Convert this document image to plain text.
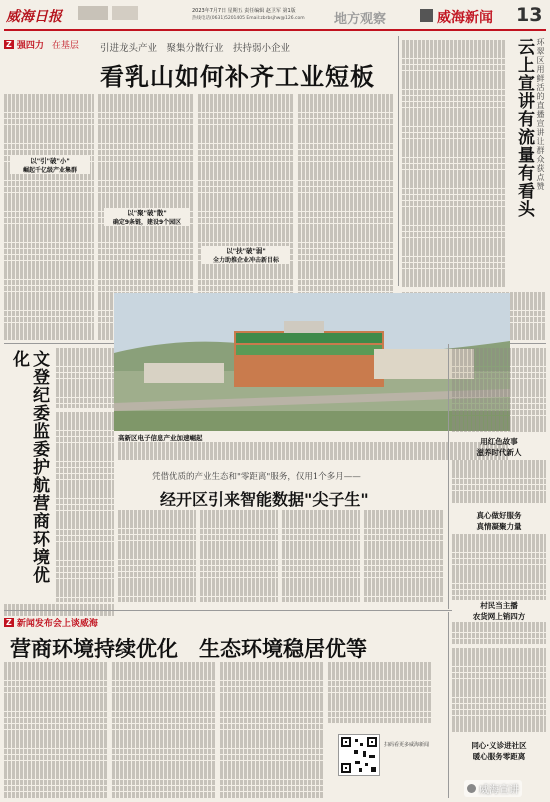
威海日报	2023年7月7日 星期五 责任编辑 赵卫军 第1版
热线电话(0631)5201405 Email:zbrbsjhw@126.com 地方观察	威海新闻 13
Z 强四力 在基层 引进龙头产业　聚集分散行业　扶持弱小企业
看乳山如何补齐工业短板
以"引"破"小"
崛起千亿级产业集群
以"聚"破"散"
确定9条链，建设9个园区
以"扶"破"弱"
全力助推企业冲击新目标
云上宣讲有流量有看头 环翠区用鲜活的直播宣讲让群众获点赞
文登纪委监委护航营商环境优化
高新区电子信息产业加速崛起
凭借优质的产业生态和"零距离"服务，仅用1个多月——
经开区引来智能数据"尖子生"
用红色故事
滋养时代新人
真心做好服务
真情凝聚力量
Z 新闻发布会上谈威海
营商环境持续优化　生态环境稳居优等
扫码看更多威海新闻
村民当主播
农货网上销四方
同心·义诊进社区
暖心服务零距离
威海宣讲
